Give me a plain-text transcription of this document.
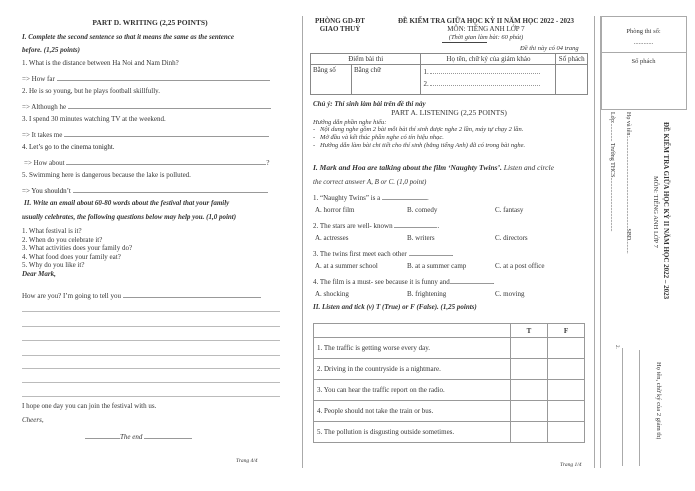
PART D. WRITING (2,25 POINTS)
I. Complete the second sentence so that it means the same as the sentence
before. (1,25 points)
1. What is the distance between Ha Noi and Nam Dinh?
=> How far
2. He is so young, but he plays football skillfully.
=> Although he
3. I spend 30 minutes watching TV at the weekend.
=> It takes me
4. Let’s go to the cinema tonight.
=> How about	?
5. Swimming here is dangerous because the lake is polluted.
=> You shouldn’t
II. Write an email about 60-80 words about the festival that your family
usually celebrates, the following questions below may help you. (1,0 point)
1. What festival is it?
2. When do you celebrate it?
3. What activities does your family do?
4. What food does your family eat?
5. Why do you like it?
Dear Mark,
How are you? I’m going to tell you
I hope one day you can join the festival with us.
Cheers,
The end
Trang 4/4
PHÒNG GD-ĐT
GIAO THUỶ
ĐỀ KIỂM TRA GIỮA HỌC KỲ II NĂM HỌC 2022 - 2023
MÔN: TIẾNG ANH LỚP 7
(Thời gian làm bài: 60 phút)
Đề thi này có 04 trang
Điểm bài thi		Họ tên, chữ ký của giám khảo	Số phách
Bằng số	Bằng chữ	1.
2.	

Chú ý: Thí sinh làm bài trên đề thi này
PART A. LISTENING (2,25 POINTS)
Hướng dẫn phần nghe hiểu:
-   Nội dung nghe gồm 2 bài mỗi bài thí sinh được nghe 2 lần, máy tự chạy 2 lần.
-   Mở đầu và kết thúc phần nghe có tín hiệu nhạc.
-   Hướng dẫn làm bài chi tiết cho thí sinh (bằng tiếng Anh) đã có trong bài nghe.
I. Mark and Hoa are talking about the film ‘Naughty Twins’. Listen and circle
the correct answer A, B or C. (1,0 point)
1. “Naughty Twins” is a	.
A. horror film	B. comedy	C. fantasy
2. The stars are well- known	.
A. actresses	B. writers	C. directors
3. The twins first meet each other	.
A. at a summer school	B. at a summer camp	C. at a post office
4. The film is a must- see because it is funny and	.
A. shocking	B. frightening	C. moving
II. Listen and tick (v) T (True) or F (False). (1,25 points)
	T	F
1. The traffic is getting worse every day.		
2. Driving in the countryside is a nightmare.		
3. You can hear the traffic report on the radio.		
4. People should not take the train or bus.		
5. The pollution is disgusting outside sometimes.		
Trang 1/4
Phòng thi số:
............
Số phách
Lớp:............ Trường THCS.................................... Họ và tên:.............................................................SBD.........	ĐỀ KIỂM TRA GIỮA HỌC KỲ II NĂM HỌC 2022 – 2023
MÔN: TIẾNG ANH LỚP 7
2.
Họ tên, chữ ký của 2 giám thị
